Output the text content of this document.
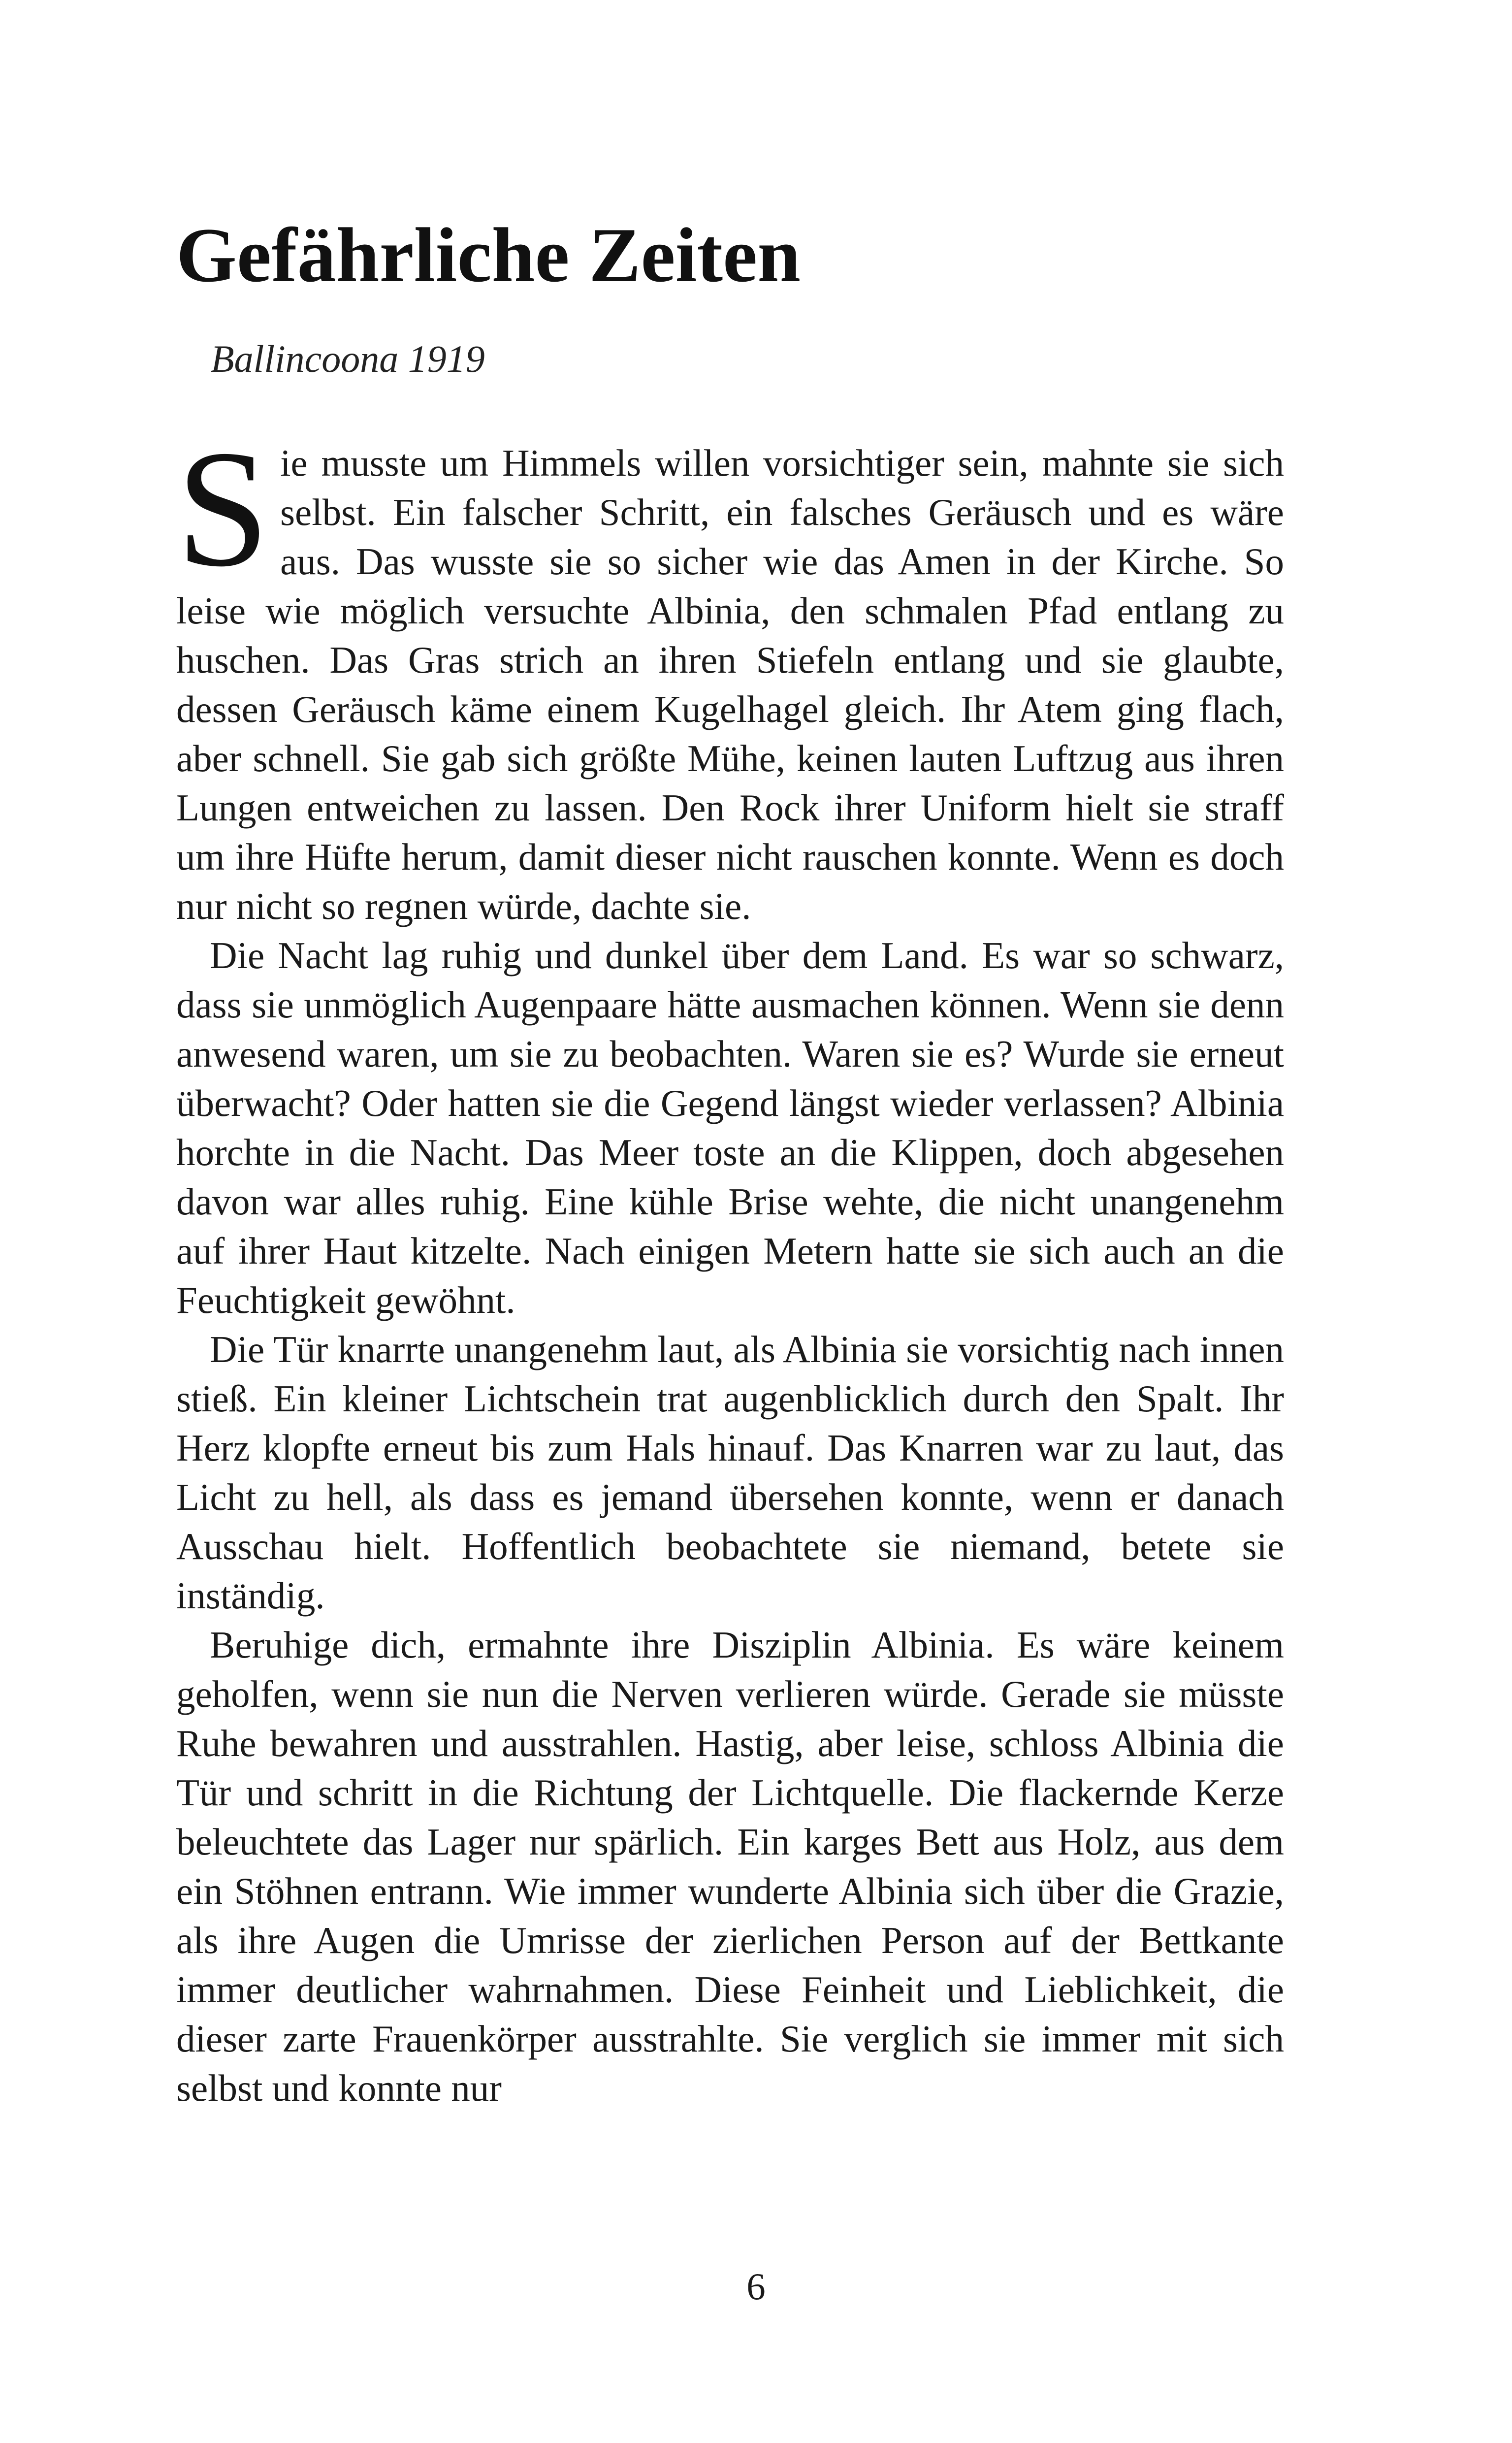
Gefährliche Zeiten
Ballincoona 1919

Sie musste um Himmels willen vorsichtiger sein, mahnte sie sich selbst. Ein falscher Schritt, ein falsches Geräusch und es wäre aus. Das wusste sie so sicher wie das Amen in der Kirche. So leise wie möglich versuchte Albinia, den schmalen Pfad entlang zu huschen. Das Gras strich an ihren Stiefeln entlang und sie glaubte, dessen Geräusch käme einem Kugelhagel gleich. Ihr Atem ging flach, aber schnell. Sie gab sich größte Mühe, keinen lauten Luftzug aus ihren Lungen entweichen zu lassen. Den Rock ihrer Uniform hielt sie straff um ihre Hüfte herum, damit dieser nicht rauschen konnte. Wenn es doch nur nicht so regnen würde, dachte sie.

Die Nacht lag ruhig und dunkel über dem Land. Es war so schwarz, dass sie unmöglich Augenpaare hätte ausmachen können. Wenn sie denn anwesend waren, um sie zu beobachten. Waren sie es? Wurde sie erneut überwacht? Oder hatten sie die Gegend längst wieder verlassen? Albinia horchte in die Nacht. Das Meer toste an die Klippen, doch abgesehen davon war alles ruhig. Eine kühle Brise wehte, die nicht unangenehm auf ihrer Haut kitzelte. Nach einigen Metern hatte sie sich auch an die Feuchtigkeit gewöhnt.

Die Tür knarrte unangenehm laut, als Albinia sie vorsichtig nach innen stieß. Ein kleiner Lichtschein trat augenblicklich durch den Spalt. Ihr Herz klopfte erneut bis zum Hals hinauf. Das Knarren war zu laut, das Licht zu hell, als dass es jemand übersehen konnte, wenn er danach Ausschau hielt. Hoffentlich beobachtete sie niemand, betete sie inständig.

Beruhige dich, ermahnte ihre Disziplin Albinia. Es wäre keinem geholfen, wenn sie nun die Nerven verlieren würde. Gerade sie müsste Ruhe bewahren und ausstrahlen. Hastig, aber leise, schloss Albinia die Tür und schritt in die Richtung der Lichtquelle. Die flackernde Kerze beleuchtete das Lager nur spärlich. Ein karges Bett aus Holz, aus dem ein Stöhnen entrann. Wie immer wunderte Albinia sich über die Grazie, als ihre Augen die Umrisse der zierlichen Person auf der Bettkante immer deutlicher wahrnahmen. Diese Feinheit und Lieblichkeit, die dieser zarte Frauenkörper ausstrahlte. Sie verglich sie immer mit sich selbst und konnte nur

6
